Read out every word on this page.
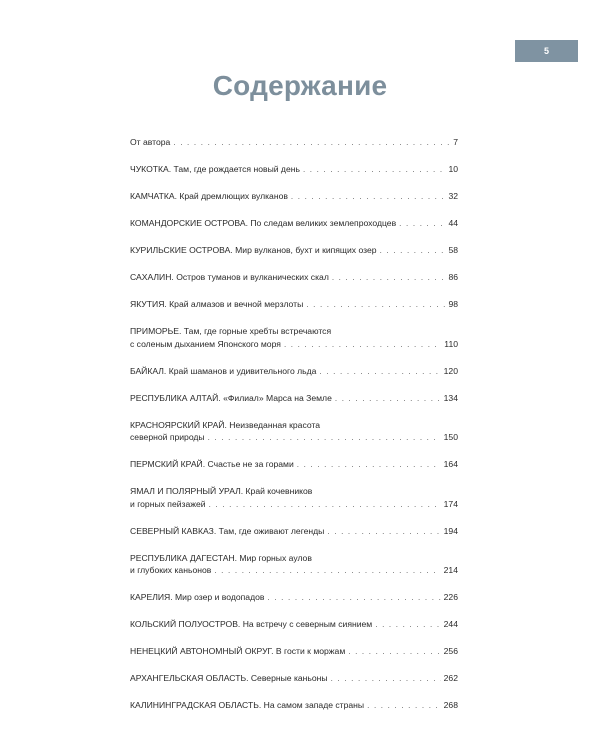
5
Содержание
От автора . . .	7
ЧУКОТКА. Там, где рождается новый день . . .	10
КАМЧАТКА. Край дремлющих вулканов . . .	32
КОМАНДОРСКИЕ ОСТРОВА. По следам великих землепроходцев . . .	44
КУРИЛЬСКИЕ ОСТРОВА. Мир вулканов, бухт и кипящих озер . . .	58
САХАЛИН. Остров туманов и вулканических скал . . .	86
ЯКУТИЯ. Край алмазов и вечной мерзлоты . . .	98
ПРИМОРЬЕ. Там, где горные хребты встречаются
с соленым дыханием Японского моря . . .	110
БАЙКАЛ. Край шаманов и удивительного льда . . .	120
РЕСПУБЛИКА АЛТАЙ. «Филиал» Марса на Земле . . .	134
КРАСНОЯРСКИЙ КРАЙ. Неизведанная красота
северной природы . . .	150
ПЕРМСКИЙ КРАЙ. Счастье не за горами . . .	164
ЯМАЛ И ПОЛЯРНЫЙ УРАЛ. Край кочевников
и горных пейзажей . . .	174
СЕВЕРНЫЙ КАВКАЗ. Там, где оживают легенды . . .	194
РЕСПУБЛИКА ДАГЕСТАН. Мир горных аулов
и глубоких каньонов . . .	214
КАРЕЛИЯ. Мир озер и водопадов . . .	226
КОЛЬСКИЙ ПОЛУОСТРОВ. На встречу с северным сиянием . . .	244
НЕНЕЦКИЙ АВТОНОМНЫЙ ОКРУГ. В гости к моржам . . .	256
АРХАНГЕЛЬСКАЯ ОБЛАСТЬ. Северные каньоны . . .	262
КАЛИНИНГРАДСКАЯ ОБЛАСТЬ. На самом западе страны . . .	268
